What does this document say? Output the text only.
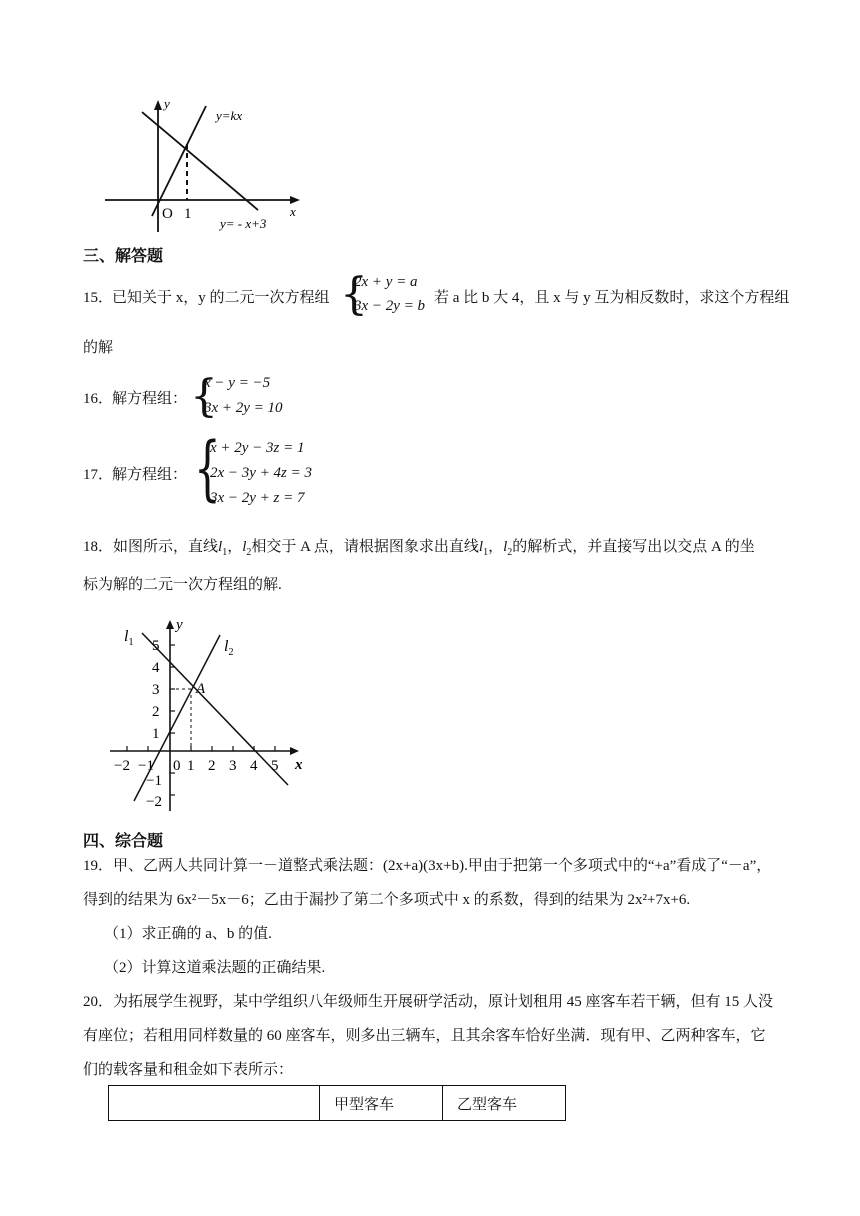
y
x
O 1
y=kx
y= - x+3
三、解答题
15．
已知关于 x，y 的二元一次方程组 {
2x + y = a
3x − 2y = b 若 a 比 b 大 4，且 x 与 y 互为相反数时，求这个方程组
的解
16．
解方程组： {
x − y = −5
3x + 2y = 10
17．
解方程组： {
x + 2y − 3z = 1
2x − 3y + 4z = 3
3x − 2y + z = 7
18．如图所示，直线$l_1$，$l_2$相交于 A 点，请根据图象求出直线$l_1$，$l_2$的解析式，并直接写出以交点 A 的坐
标为解的二元一次方程组的解.
y
x
$l_1$	$l_2$
A
0
−2 −1 1 2 3 4 5
5
4
3
2
1
−1
−2
四、综合题
19．甲、乙两人共同计算一－道整式乘法题：(2x+a)(3x+b).甲由于把第一个多项式中的“+a”看成了“－a”，
得到的结果为 6x²－5x－6；乙由于漏抄了第二个多项式中 x 的系数，得到的结果为 2x²+7x+6.
（1）求正确的 a、b 的值.
（2）计算这道乘法题的正确结果.
20．为拓展学生视野，某中学组织八年级师生开展研学活动，原计划租用 45 座客车若干辆，但有 15 人没
有座位；若租用同样数量的 60 座客车，则多出三辆车，且其余客车恰好坐满．现有甲、乙两种客车，它
们的载客量和租金如下表所示：
	甲型客车	乙型客车
